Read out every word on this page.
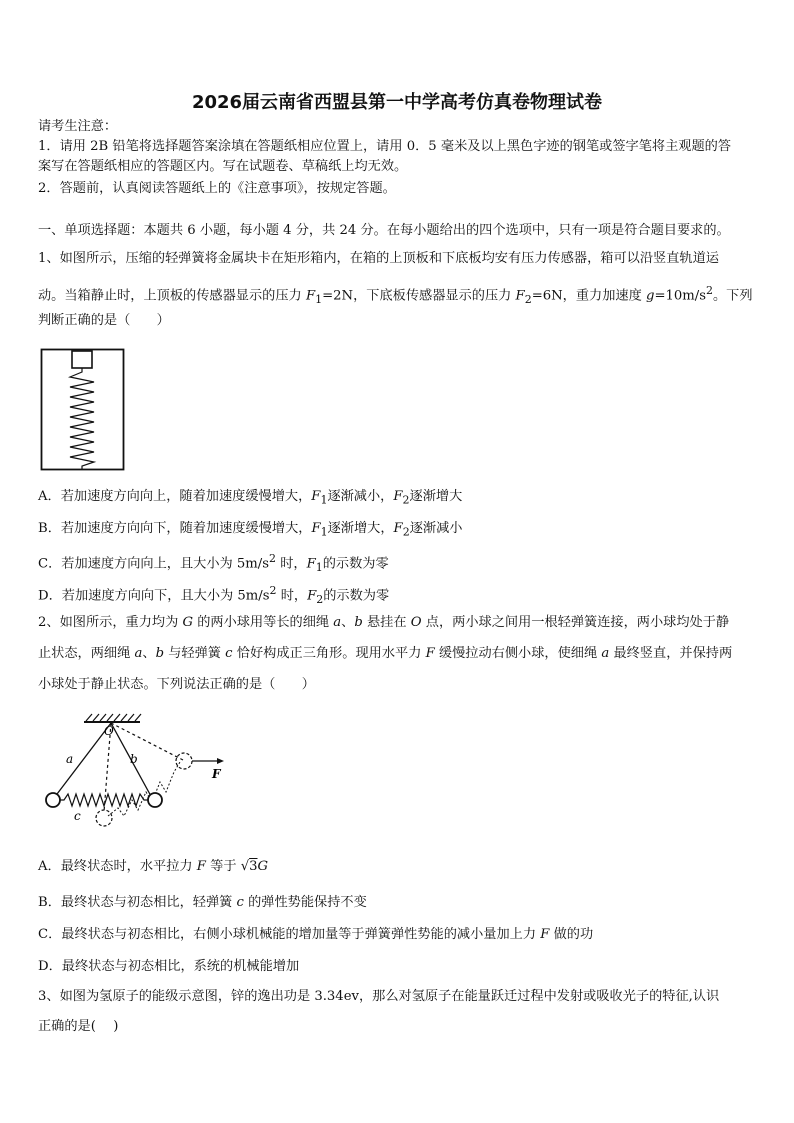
2026届云南省西盟县第一中学高考仿真卷物理试卷
请考生注意：
1．请用 2B 铅笔将选择题答案涂填在答题纸相应位置上，请用 0．5 毫米及以上黑色字迹的钢笔或签字笔将主观题的答
案写在答题纸相应的答题区内。写在试题卷、草稿纸上均无效。
2．答题前，认真阅读答题纸上的《注意事项》，按规定答题。
一、单项选择题：本题共 6 小题，每小题 4 分，共 24 分。在每小题给出的四个选项中，只有一项是符合题目要求的。
1、如图所示，压缩的轻弹簧将金属块卡在矩形箱内，在箱的上顶板和下底板均安有压力传感器，箱可以沿竖直轨道运
动。当箱静止时，上顶板的传感器显示的压力 $F_1=2N$，下底板传感器显示的压力 $F_2=6N$，重力加速度 $g=10m/s^2$。下列
判断正确的是（　　）
A．若加速度方向向上，随着加速度缓慢增大，$F_1$逐渐减小，$F_2$逐渐增大
B．若加速度方向向下，随着加速度缓慢增大，$F_1$逐渐增大，$F_2$逐渐减小
C．若加速度方向向上，且大小为 $5m/s^2$ 时，$F_1$的示数为零
D．若加速度方向向下，且大小为 $5m/s^2$ 时，$F_2$的示数为零
2、如图所示，重力均为 G 的两小球用等长的细绳 a、b 悬挂在 O 点，两小球之间用一根轻弹簧连接，两小球均处于静
止状态，两细绳 a、b 与轻弹簧 c 恰好构成正三角形。现用水平力 F 缓慢拉动右侧小球，使细绳 a 最终竖直，并保持两
小球处于静止状态。下列说法正确的是（　　）
O
a	b
c
F
A．最终状态时，水平拉力 F 等于 √3G
B．最终状态与初态相比，轻弹簧 c 的弹性势能保持不变
C．最终状态与初态相比，右侧小球机械能的增加量等于弹簧弹性势能的减小量加上力 F 做的功
D．最终状态与初态相比，系统的机械能增加
3、如图为氢原子的能级示意图，锌的逸出功是 3.34ev，那么对氢原子在能量跃迁过程中发射或吸收光子的特征,认识
正确的是(　 )
